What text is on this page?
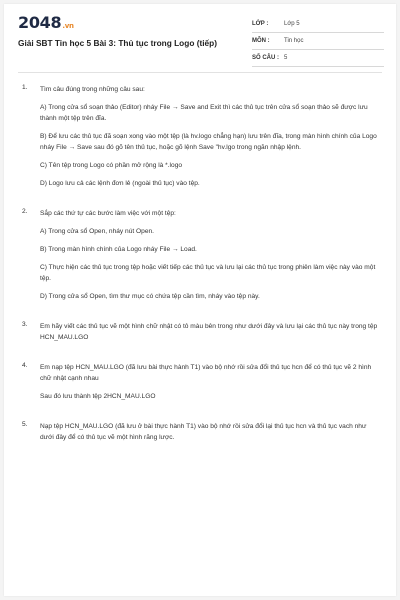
2048.vn
Giải SBT Tin học 5 Bài 3: Thủ tục trong Logo (tiếp)
LỚP :	Lớp 5
MÔN :	Tin học
SỐ CÂU : 5
1.	Tìm câu đúng trong những câu sau:

A) Trong cửa sổ soạn thảo (Editor) nháy File → Save and Exit thì các thủ tục trên cửa sổ soạn thảo sẽ được lưu thành một tệp trên đĩa.

B) Để lưu các thủ tục đã soạn xong vào một tệp (là hv.logo chẳng hạn) lưu trên đĩa, trong màn hình chính của Logo nháy File → Save sau đó gõ tên thủ tục, hoặc gõ lệnh Save "hv.lgo trong ngăn nhập lệnh.

C) Tên tệp trong Logo có phần mở rộng là *.logo

D) Logo lưu cả các lệnh đơn lẻ (ngoài thủ tục) vào tệp.

2.	Sắp các thứ tự các bước làm việc với một tệp:

A) Trong cửa sổ Open, nháy nút Open.

B) Trong màn hình chính của Logo nháy File → Load.

C) Thực hiện các thủ tục trong tệp hoặc viết tiếp các thủ tục và lưu lại các thủ tục trong phiên làm việc này vào một tệp.

D) Trong cửa sổ Open, tìm thư mục có chứa tệp cần tìm, nháy vào tệp này.

3.	Em hãy viết các thủ tục vẽ một hình chữ nhật có tô màu bên trong như dưới đây và lưu lại các thủ tục này trong tệp HCN_MAU.LGO

4.	Em nạp tệp HCN_MAU.LGO (đã lưu bài thực hành T1) vào bộ nhớ rồi sửa đổi thủ tục hcn để có thủ tục vẽ 2 hình chữ nhật cạnh nhau

Sau đó lưu thành tệp 2HCN_MAU.LGO

5.	Nạp tệp HCN_MAU.LGO (đã lưu ở bài thực hành T1) vào bộ nhớ rồi sửa đổi lại thủ tục hcn và thủ tục vach như dưới đây để có thủ tục vẽ một hình răng lược.
